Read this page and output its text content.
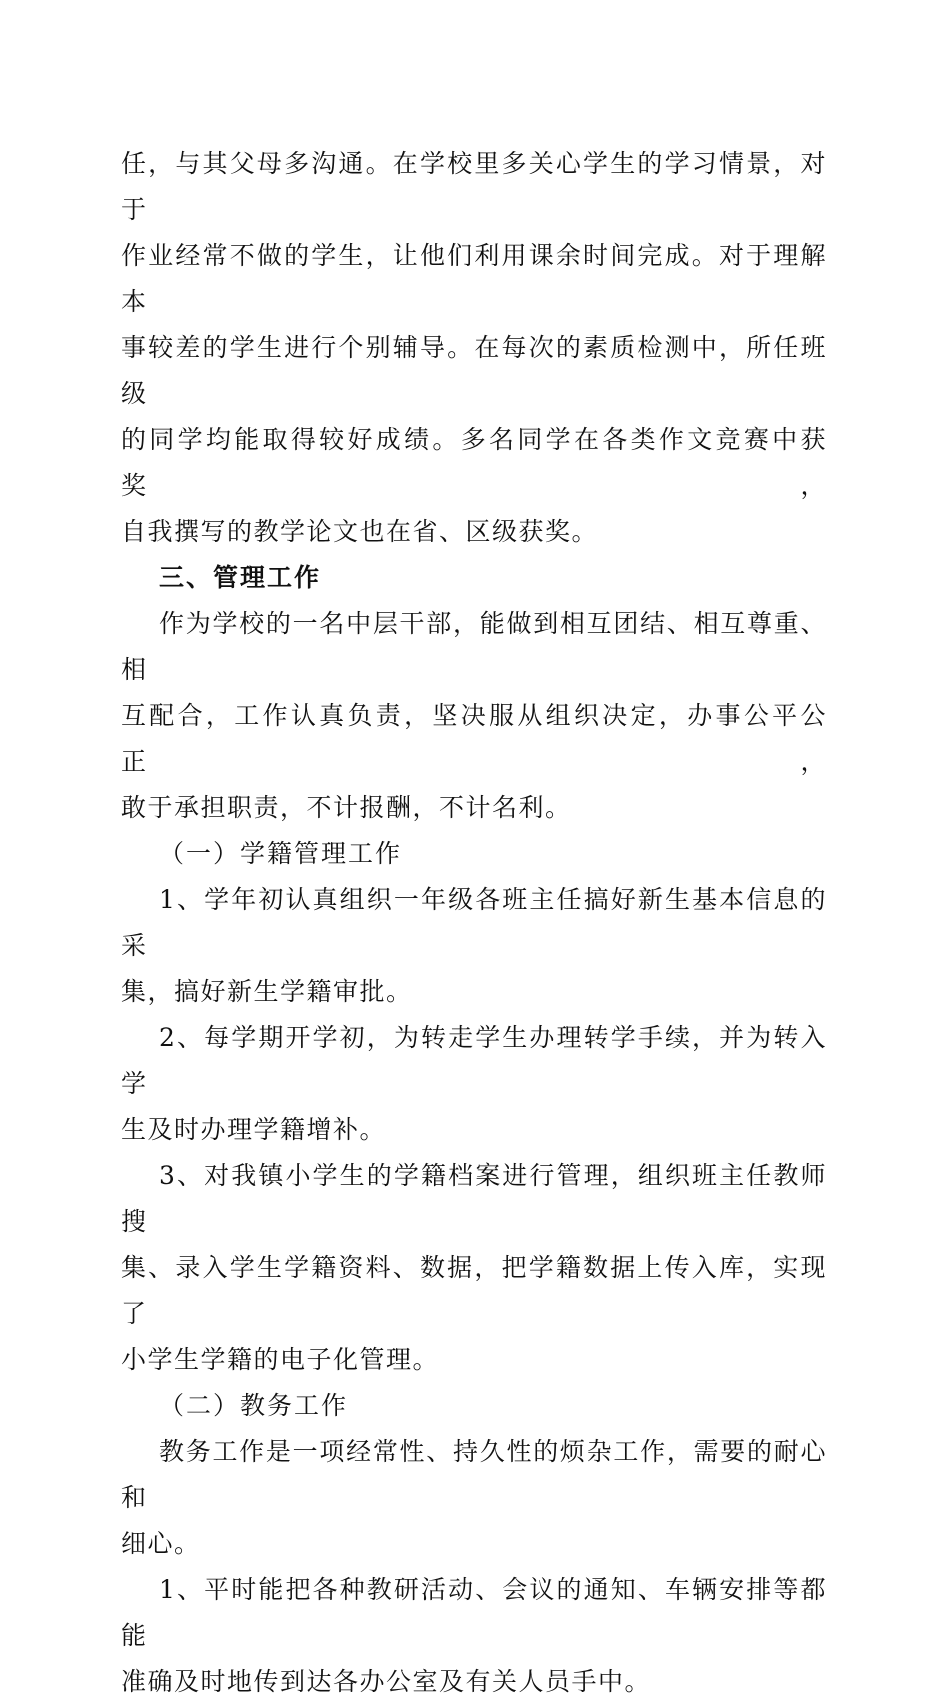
任，与其父母多沟通。在学校里多关心学生的学习情景，对于
作业经常不做的学生，让他们利用课余时间完成。对于理解本
事较差的学生进行个别辅导。在每次的素质检测中，所任班级
的同学均能取得较好成绩。多名同学在各类作文竞赛中获奖，
自我撰写的教学论文也在省、区级获奖。

三、管理工作

作为学校的一名中层干部，能做到相互团结、相互尊重、相
互配合，工作认真负责，坚决服从组织决定，办事公平公正，
敢于承担职责，不计报酬，不计名利。

（一）学籍管理工作

1、学年初认真组织一年级各班主任搞好新生基本信息的采
集，搞好新生学籍审批。

2、每学期开学初，为转走学生办理转学手续，并为转入学
生及时办理学籍增补。

3、对我镇小学生的学籍档案进行管理，组织班主任教师搜
集、录入学生学籍资料、数据，把学籍数据上传入库，实现了
小学生学籍的电子化管理。

（二）教务工作

教务工作是一项经常性、持久性的烦杂工作，需要的耐心和
细心。

1、平时能把各种教研活动、会议的通知、车辆安排等都能
准确及时地传到达各办公室及有关人员手中。
